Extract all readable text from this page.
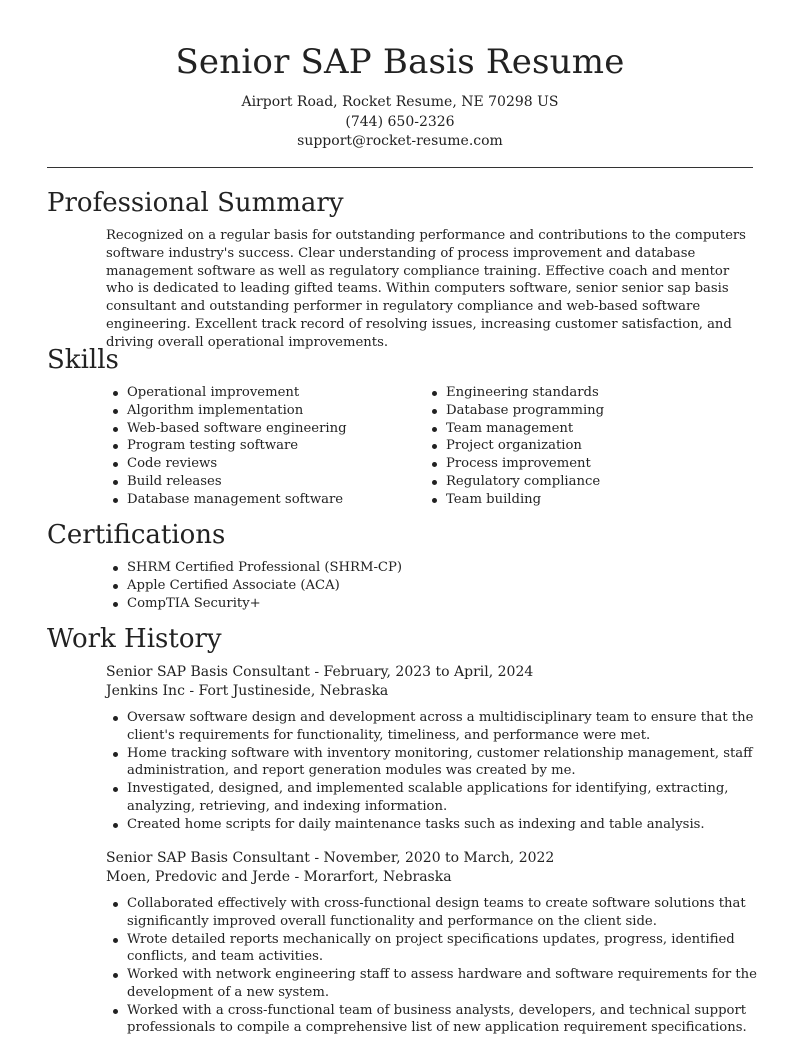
Senior SAP Basis Resume
Airport Road, Rocket Resume, NE 70298 US
(744) 650-2326
support@rocket-resume.com
Professional Summary
Recognized on a regular basis for outstanding performance and contributions to the computers software industry's success. Clear understanding of process improvement and database management software as well as regulatory compliance training. Effective coach and mentor who is dedicated to leading gifted teams. Within computers software, senior senior sap basis consultant and outstanding performer in regulatory compliance and web-based software engineering. Excellent track record of resolving issues, increasing customer satisfaction, and driving overall operational improvements.
Skills
Operational improvement
Algorithm implementation
Web-based software engineering
Program testing software
Code reviews
Build releases
Database management software
Engineering standards
Database programming
Team management
Project organization
Process improvement
Regulatory compliance
Team building
Certifications
SHRM Certified Professional (SHRM-CP)
Apple Certified Associate (ACA)
CompTIA Security+
Work History
Senior SAP Basis Consultant - February, 2023 to April, 2024
Jenkins Inc - Fort Justineside, Nebraska
Oversaw software design and development across a multidisciplinary team to ensure that the client's requirements for functionality, timeliness, and performance were met.
Home tracking software with inventory monitoring, customer relationship management, staff administration, and report generation modules was created by me.
Investigated, designed, and implemented scalable applications for identifying, extracting, analyzing, retrieving, and indexing information.
Created home scripts for daily maintenance tasks such as indexing and table analysis.
Senior SAP Basis Consultant - November, 2020 to March, 2022
Moen, Predovic and Jerde - Morarfort, Nebraska
Collaborated effectively with cross-functional design teams to create software solutions that significantly improved overall functionality and performance on the client side.
Wrote detailed reports mechanically on project specifications updates, progress, identified conflicts, and team activities.
Worked with network engineering staff to assess hardware and software requirements for the development of a new system.
Worked with a cross-functional team of business analysts, developers, and technical support professionals to compile a comprehensive list of new application requirement specifications.
